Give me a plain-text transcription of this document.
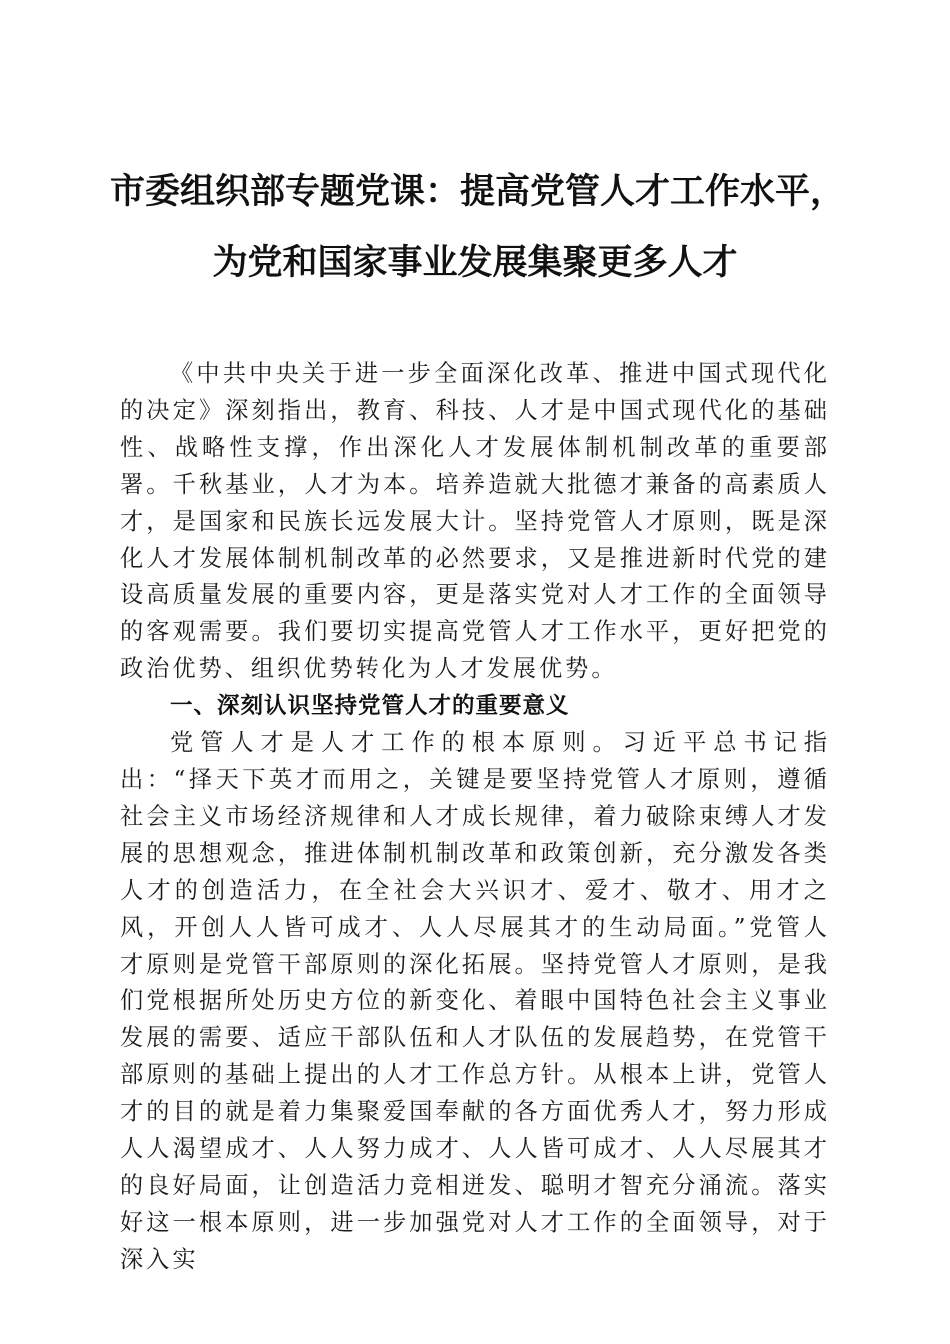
市委组织部专题党课：提高党管人才工作水平，
为党和国家事业发展集聚更多人才

《中共中央关于进一步全面深化改革、推进中国式现代化的决定》深刻指出，教育、科技、人才是中国式现代化的基础性、战略性支撑，作出深化人才发展体制机制改革的重要部署。千秋基业，人才为本。培养造就大批德才兼备的高素质人才，是国家和民族长远发展大计。坚持党管人才原则，既是深化人才发展体制机制改革的必然要求，又是推进新时代党的建设高质量发展的重要内容，更是落实党对人才工作的全面领导的客观需要。我们要切实提高党管人才工作水平，更好把党的政治优势、组织优势转化为人才发展优势。

一、深刻认识坚持党管人才的重要意义

党管人才是人才工作的根本原则。习近平总书记指出：“择天下英才而用之，关键是要坚持党管人才原则，遵循社会主义市场经济规律和人才成长规律，着力破除束缚人才发展的思想观念，推进体制机制改革和政策创新，充分激发各类人才的创造活力，在全社会大兴识才、爱才、敬才、用才之风，开创人人皆可成才、人人尽展其才的生动局面。”党管人才原则是党管干部原则的深化拓展。坚持党管人才原则，是我们党根据所处历史方位的新变化、着眼中国特色社会主义事业发展的需要、适应干部队伍和人才队伍的发展趋势，在党管干部原则的基础上提出的人才工作总方针。从根本上讲，党管人才的目的就是着力集聚爱国奉献的各方面优秀人才，努力形成人人渴望成才、人人努力成才、人人皆可成才、人人尽展其才的良好局面，让创造活力竞相迸发、聪明才智充分涌流。落实好这一根本原则，进一步加强党对人才工作的全面领导，对于深入实
